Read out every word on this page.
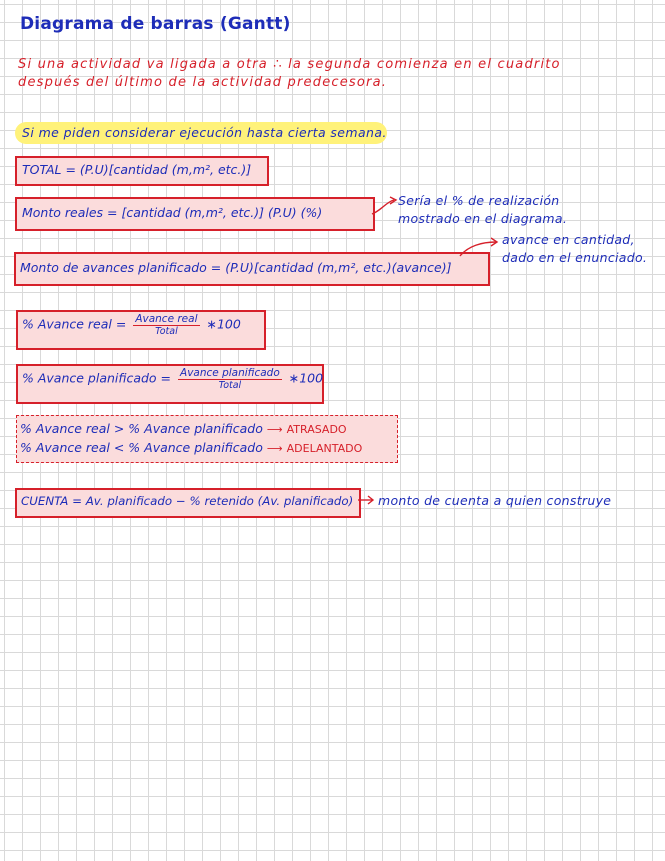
Diagrama de barras (Gantt)
Si una actividad va ligada a otra ∴ la segunda comienza en el cuadrito
después del último de la actividad predecesora.
Si me piden considerar ejecución hasta cierta semana.
TOTAL = (P.U)[cantidad (m,m², etc.)]
Monto reales = [cantidad (m,m², etc.)] (P.U) (%)
Sería el % de realización
mostrado en el diagrama.
Monto de avances planificado = (P.U)[cantidad (m,m², etc.)(avance)]
avance en cantidad,
dado en el enunciado.
% Avance real = $\frac{\text{Avance real}}{\text{Total}}$ ∗100
% Avance planificado = $\frac{\text{Avance planificado}}{\text{Total}}$ ∗100
% Avance real > % Avance planificado ⟶ ATRASADO
% Avance real < % Avance planificado ⟶ ADELANTADO
CUENTA = Av. planificado − % retenido (Av. planificado) monto de cuenta a quien construye
